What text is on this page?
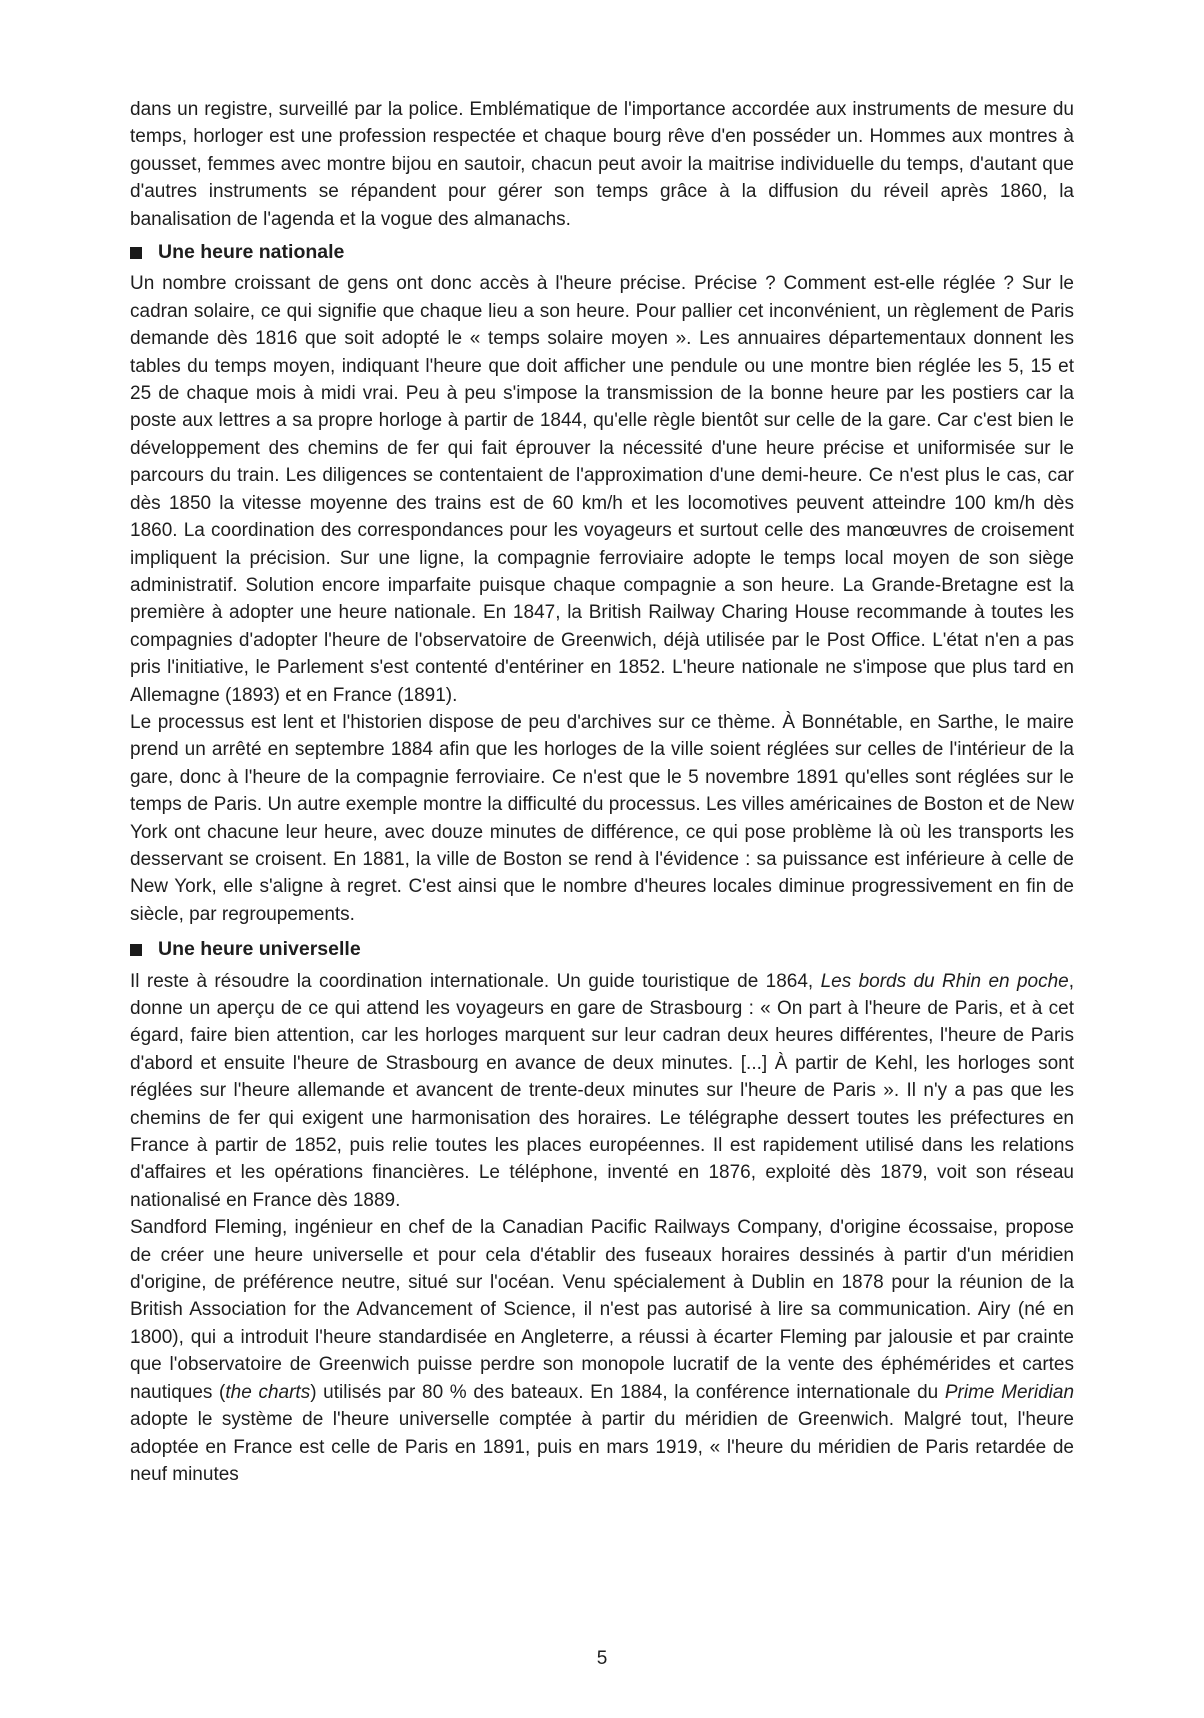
dans un registre, surveillé par la police. Emblématique de l'importance accordée aux instruments de mesure du temps, horloger est une profession respectée et chaque bourg rêve d'en posséder un. Hommes aux montres à gousset, femmes avec montre bijou en sautoir, chacun peut avoir la maitrise individuelle du temps, d'autant que d'autres instruments se répandent pour gérer son temps grâce à la diffusion du réveil après 1860, la banalisation de l'agenda et la vogue des almanachs.

Une heure nationale

Un nombre croissant de gens ont donc accès à l'heure précise. Précise ? Comment est-elle réglée ? Sur le cadran solaire, ce qui signifie que chaque lieu a son heure. Pour pallier cet inconvénient, un règlement de Paris demande dès 1816 que soit adopté le « temps solaire moyen ». Les annuaires départementaux donnent les tables du temps moyen, indiquant l'heure que doit afficher une pendule ou une montre bien réglée les 5, 15 et 25 de chaque mois à midi vrai. Peu à peu s'impose la transmission de la bonne heure par les postiers car la poste aux lettres a sa propre horloge à partir de 1844, qu'elle règle bientôt sur celle de la gare. Car c'est bien le développement des chemins de fer qui fait éprouver la nécessité d'une heure précise et uniformisée sur le parcours du train. Les diligences se contentaient de l'approximation d'une demi-heure. Ce n'est plus le cas, car dès 1850 la vitesse moyenne des trains est de 60 km/h et les locomotives peuvent atteindre 100 km/h dès 1860. La coordination des correspondances pour les voyageurs et surtout celle des manœuvres de croisement impliquent la précision. Sur une ligne, la compagnie ferroviaire adopte le temps local moyen de son siège administratif. Solution encore imparfaite puisque chaque compagnie a son heure. La Grande-Bretagne est la première à adopter une heure nationale. En 1847, la British Railway Charing House recommande à toutes les compagnies d'adopter l'heure de l'observatoire de Greenwich, déjà utilisée par le Post Office. L'état n'en a pas pris l'initiative, le Parlement s'est contenté d'entériner en 1852. L'heure nationale ne s'impose que plus tard en Allemagne (1893) et en France (1891).

Le processus est lent et l'historien dispose de peu d'archives sur ce thème. À Bonnétable, en Sarthe, le maire prend un arrêté en septembre 1884 afin que les horloges de la ville soient réglées sur celles de l'intérieur de la gare, donc à l'heure de la compagnie ferroviaire. Ce n'est que le 5 novembre 1891 qu'elles sont réglées sur le temps de Paris. Un autre exemple montre la difficulté du processus. Les villes américaines de Boston et de New York ont chacune leur heure, avec douze minutes de différence, ce qui pose problème là où les transports les desservant se croisent. En 1881, la ville de Boston se rend à l'évidence : sa puissance est inférieure à celle de New York, elle s'aligne à regret. C'est ainsi que le nombre d'heures locales diminue progressivement en fin de siècle, par regroupements.

Une heure universelle

Il reste à résoudre la coordination internationale. Un guide touristique de 1864, Les bords du Rhin en poche, donne un aperçu de ce qui attend les voyageurs en gare de Strasbourg : « On part à l'heure de Paris, et à cet égard, faire bien attention, car les horloges marquent sur leur cadran deux heures différentes, l'heure de Paris d'abord et ensuite l'heure de Strasbourg en avance de deux minutes. [...] À partir de Kehl, les horloges sont réglées sur l'heure allemande et avancent de trente-deux minutes sur l'heure de Paris ». Il n'y a pas que les chemins de fer qui exigent une harmonisation des horaires. Le télégraphe dessert toutes les préfectures en France à partir de 1852, puis relie toutes les places européennes. Il est rapidement utilisé dans les relations d'affaires et les opérations financières. Le téléphone, inventé en 1876, exploité dès 1879, voit son réseau nationalisé en France dès 1889.

Sandford Fleming, ingénieur en chef de la Canadian Pacific Railways Company, d'origine écossaise, propose de créer une heure universelle et pour cela d'établir des fuseaux horaires dessinés à partir d'un méridien d'origine, de préférence neutre, situé sur l'océan. Venu spécialement à Dublin en 1878 pour la réunion de la British Association for the Advancement of Science, il n'est pas autorisé à lire sa communication. Airy (né en 1800), qui a introduit l'heure standardisée en Angleterre, a réussi à écarter Fleming par jalousie et par crainte que l'observatoire de Greenwich puisse perdre son monopole lucratif de la vente des éphémérides et cartes nautiques (the charts) utilisés par 80 % des bateaux. En 1884, la conférence internationale du Prime Meridian adopte le système de l'heure universelle comptée à partir du méridien de Greenwich. Malgré tout, l'heure adoptée en France est celle de Paris en 1891, puis en mars 1919, « l'heure du méridien de Paris retardée de neuf minutes

5
